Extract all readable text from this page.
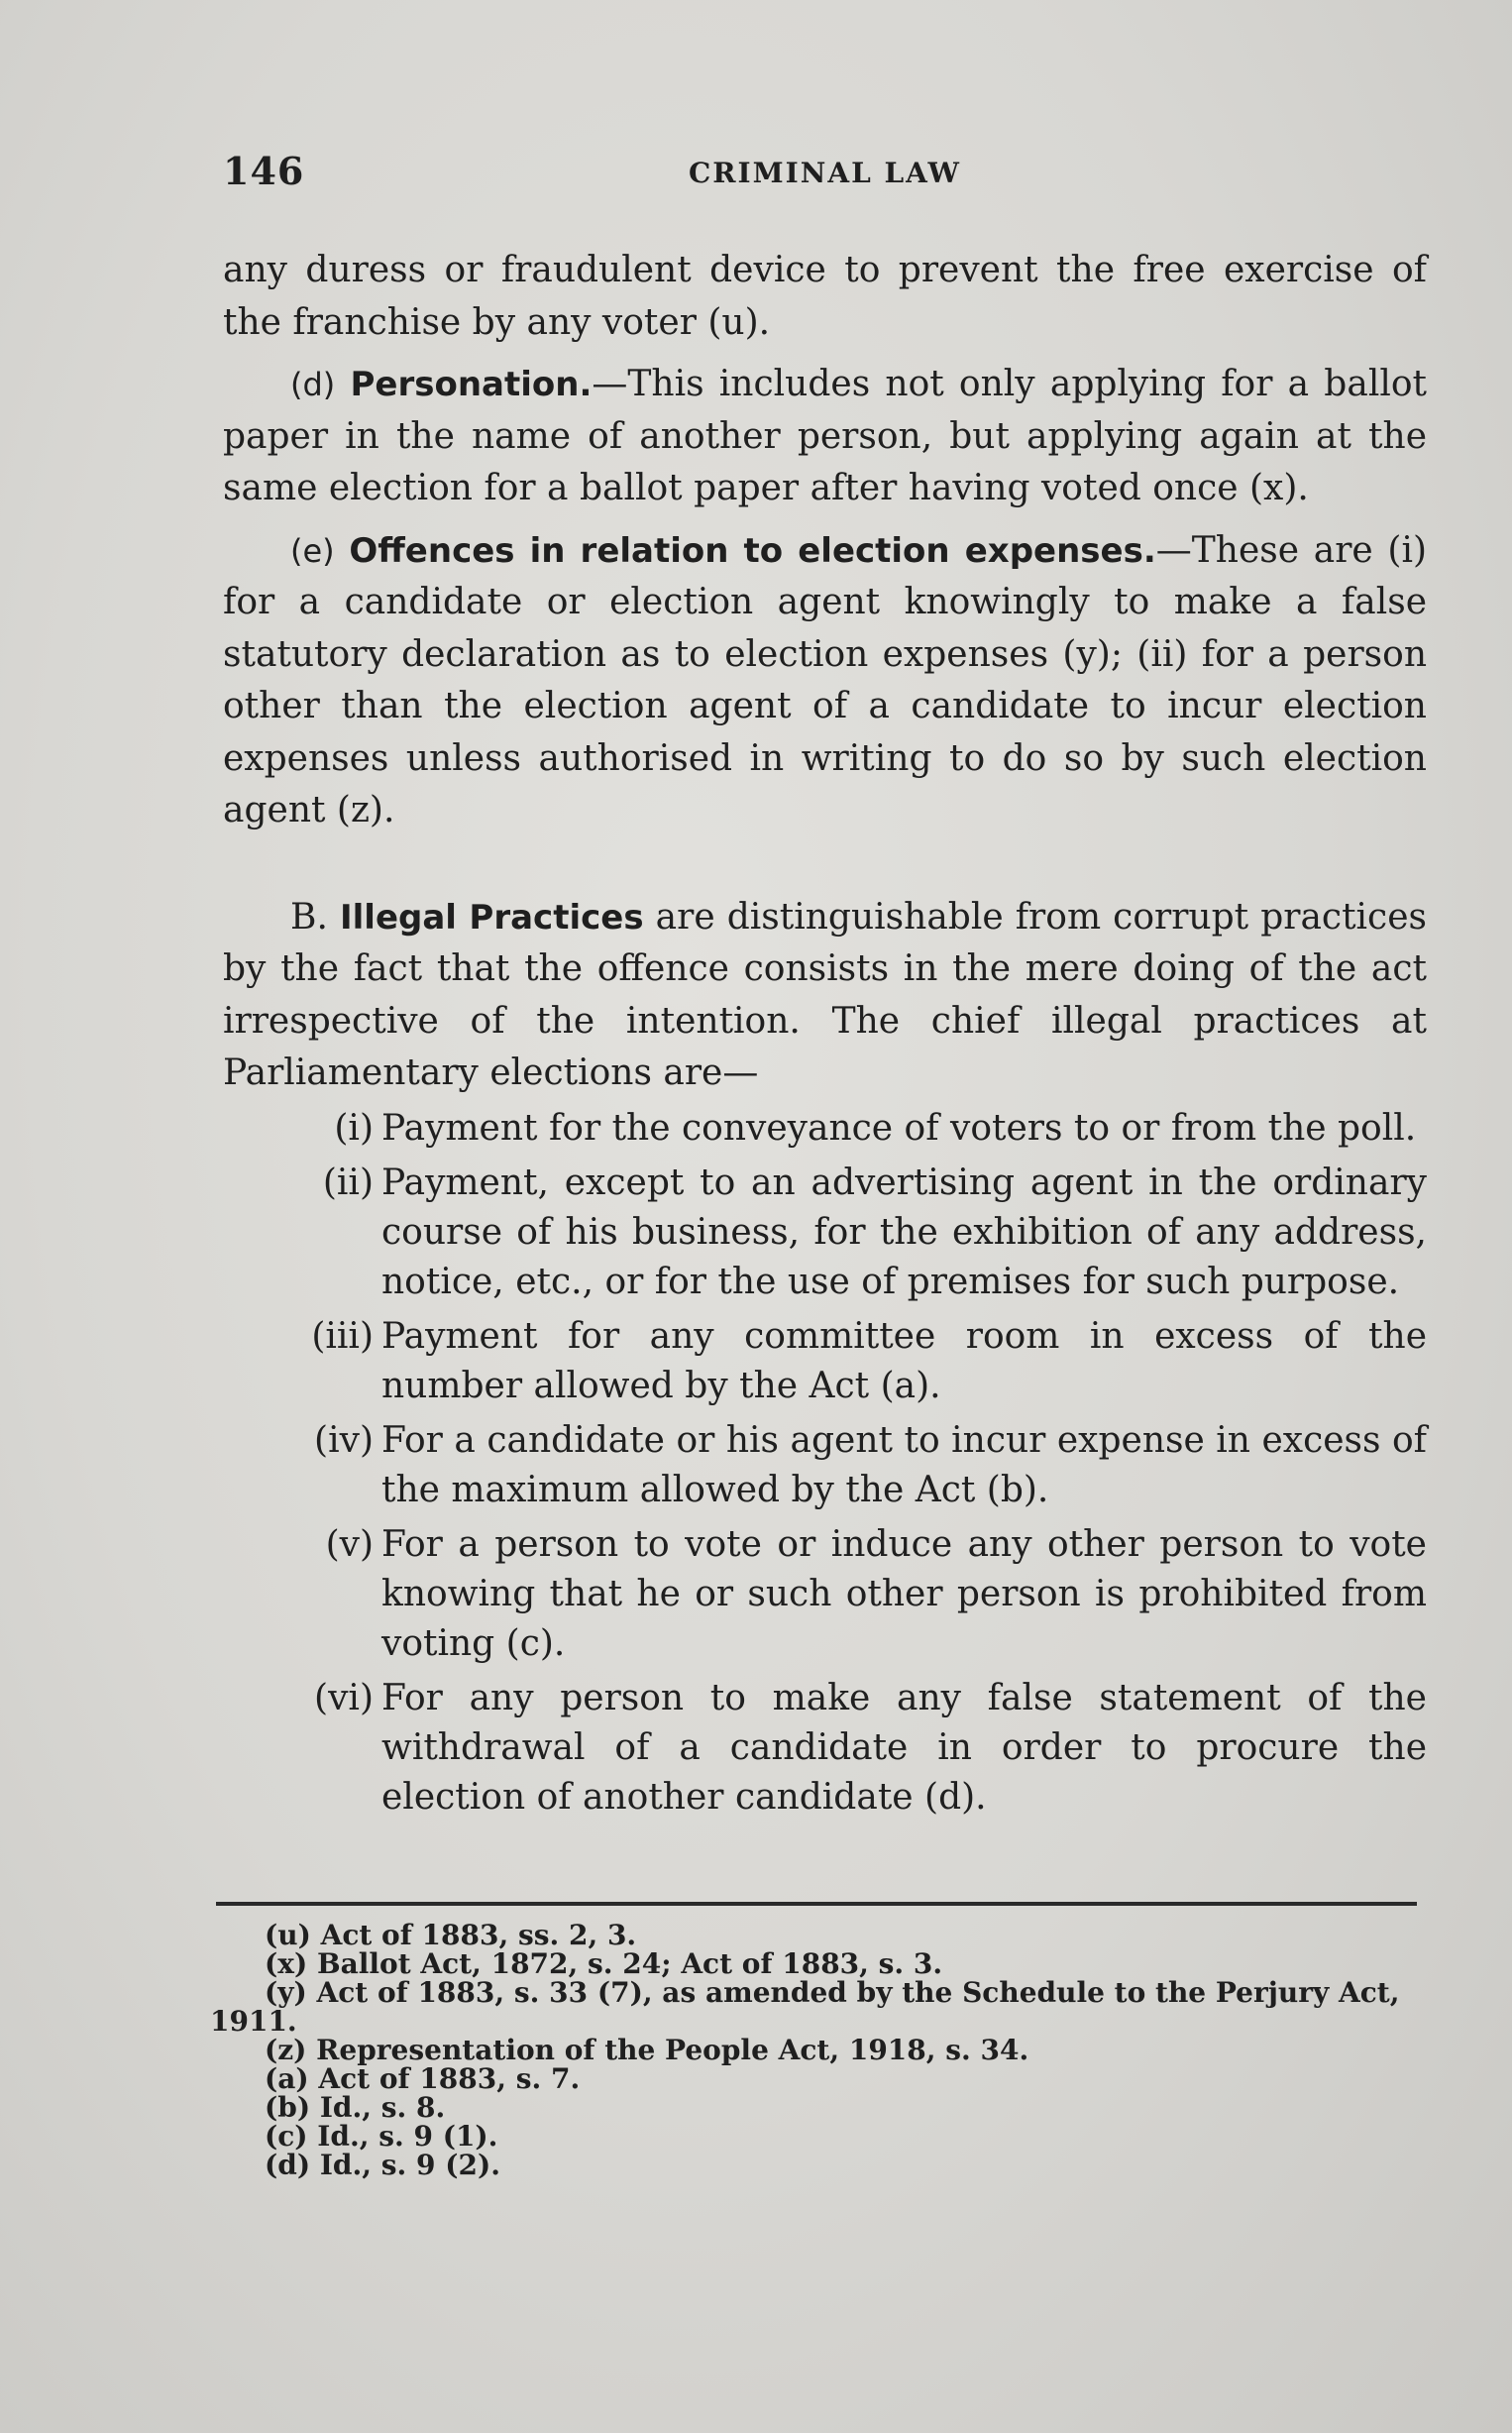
146	CRIMINAL LAW

any duress or fraudulent device to prevent the free exercise of the franchise by any voter (u).

(d) Personation.—This includes not only applying for a ballot paper in the name of another person, but applying again at the same election for a ballot paper after having voted once (x).

(e) Offences in relation to election expenses.—These are (i) for a candidate or election agent knowingly to make a false statutory declaration as to election expenses (y); (ii) for a person other than the election agent of a candidate to incur election expenses unless authorised in writing to do so by such election agent (z).

B. Illegal Practices are distinguishable from corrupt practices by the fact that the offence consists in the mere doing of the act irrespective of the intention. The chief illegal practices at Parliamentary elections are—

(i) Payment for the conveyance of voters to or from the poll.
(ii) Payment, except to an advertising agent in the ordinary course of his business, for the exhibition of any address, notice, etc., or for the use of premises for such purpose.
(iii) Payment for any committee room in excess of the number allowed by the Act (a).
(iv) For a candidate or his agent to incur expense in excess of the maximum allowed by the Act (b).
(v) For a person to vote or induce any other person to vote knowing that he or such other person is prohibited from voting (c).
(vi) For any person to make any false statement of the withdrawal of a candidate in order to procure the election of another candidate (d).
(u) Act of 1883, ss. 2, 3.
(x) Ballot Act, 1872, s. 24; Act of 1883, s. 3.
(y) Act of 1883, s. 33 (7), as amended by the Schedule to the Perjury Act,
1911.
(z) Representation of the People Act, 1918, s. 34.
(a) Act of 1883, s. 7.
(b) Id., s. 8.
(c) Id., s. 9 (1).
(d) Id., s. 9 (2).
